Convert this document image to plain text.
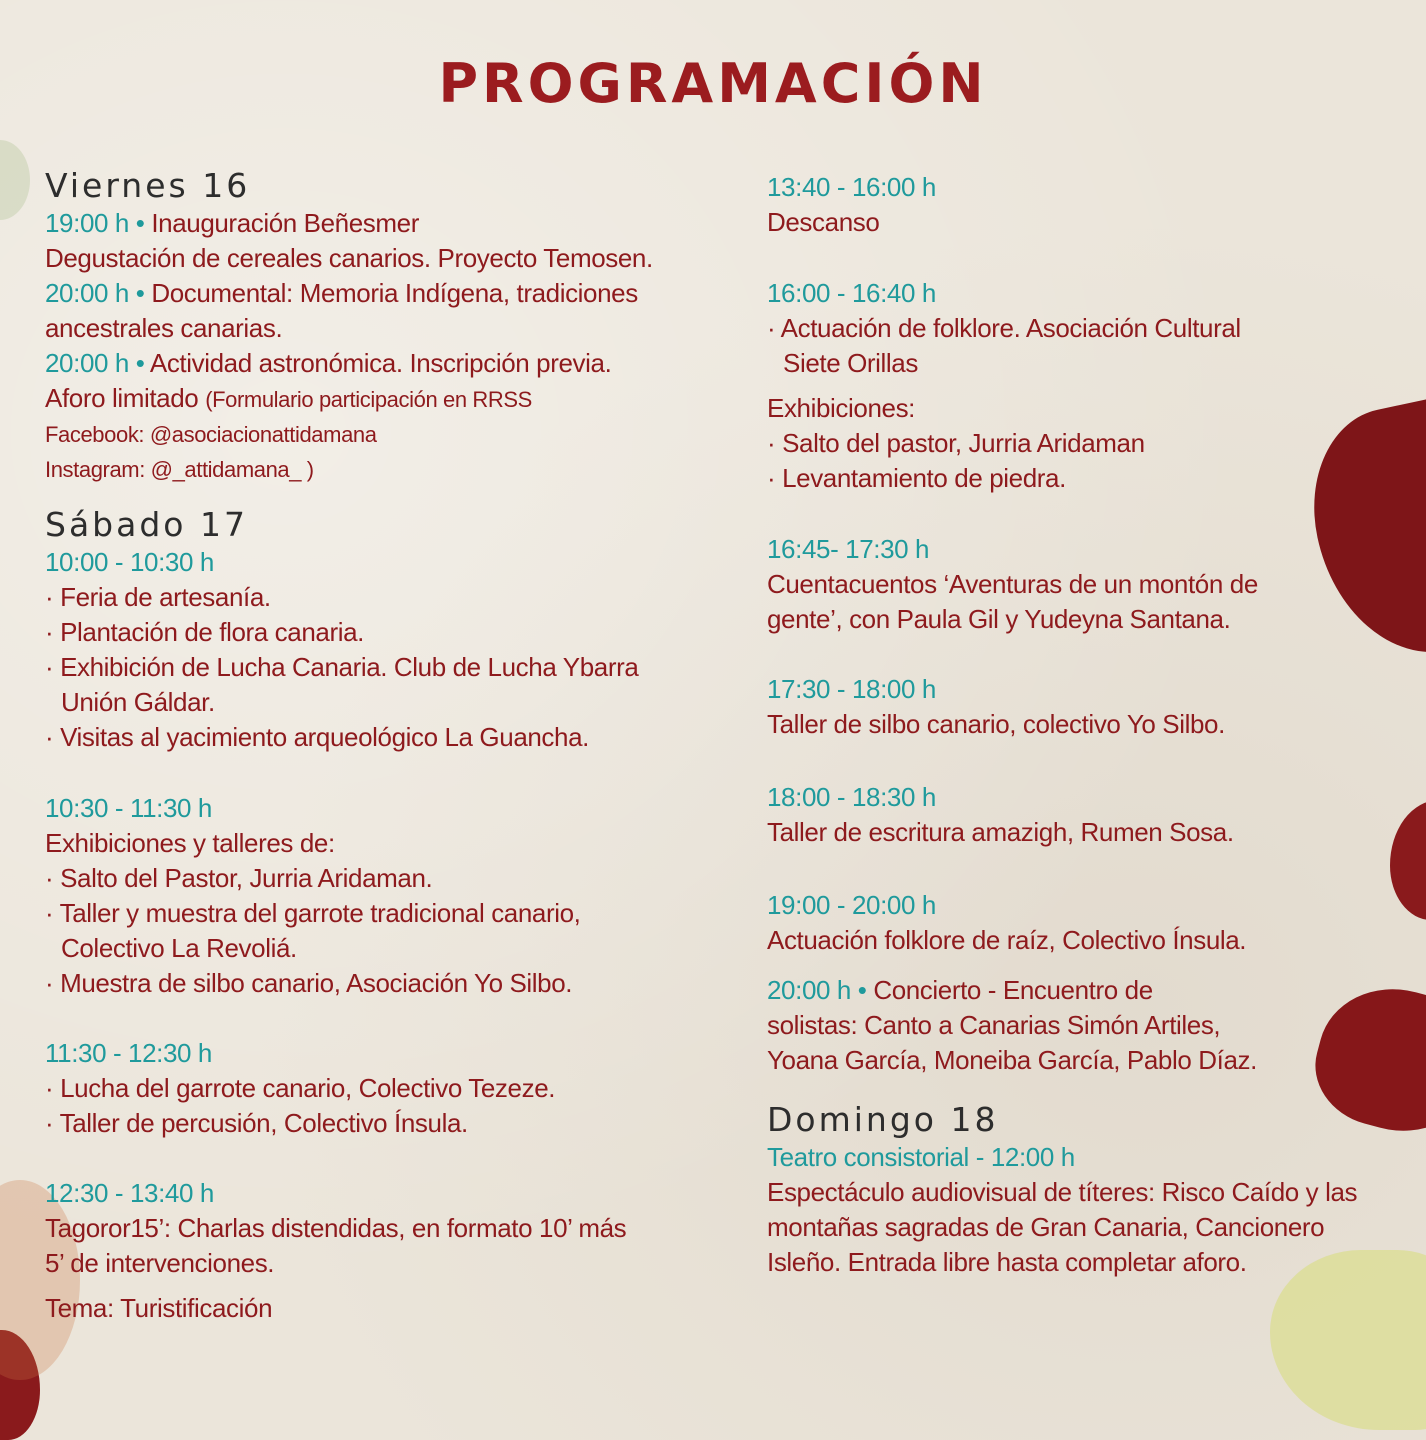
PROGRAMACIÓN
Viernes 16

19:00 h • Inauguración Beñesmer

Degustación de cereales canarios. Proyecto Temosen.

20:00 h • Documental: Memoria Indígena, tradiciones

ancestrales canarias.

20:00 h • Actividad astronómica. Inscripción previa.

Aforo limitado (Formulario participación en RRSS

Facebook: @asociacionattidamana

Instagram: @_attidamana_ )

Sábado 17

10:00 - 10:30 h

· Feria de artesanía.

· Plantación de flora canaria.

· Exhibición de Lucha Canaria. Club de Lucha Ybarra

Unión Gáldar.

· Visitas al yacimiento arqueológico La Guancha.

10:30 - 11:30 h

Exhibiciones y talleres de:

· Salto del Pastor, Jurria Aridaman.

· Taller y muestra del garrote tradicional canario,

Colectivo La Revoliá.

· Muestra de silbo canario, Asociación Yo Silbo.

11:30 - 12:30 h

· Lucha del garrote canario, Colectivo Tezeze.

· Taller de percusión, Colectivo Ínsula.

12:30 - 13:40 h

Tagoror15’: Charlas distendidas, en formato 10’ más

5’ de intervenciones.

Tema: Turistificación

13:40 - 16:00 h

Descanso

16:00 - 16:40 h

· Actuación de folklore. Asociación Cultural

Siete Orillas

Exhibiciones:

· Salto del pastor, Jurria Aridaman

· Levantamiento de piedra.

16:45- 17:30 h

Cuentacuentos ‘Aventuras de un montón de

gente’, con Paula Gil y Yudeyna Santana.

17:30 - 18:00 h

Taller de silbo canario, colectivo Yo Silbo.

18:00 - 18:30 h

Taller de escritura amazigh, Rumen Sosa.

19:00 - 20:00 h

Actuación folklore de raíz, Colectivo Ínsula.

20:00 h • Concierto - Encuentro de

solistas: Canto a Canarias Simón Artiles,

Yoana García, Moneiba García, Pablo Díaz.

Domingo 18

Teatro consistorial - 12:00 h

Espectáculo audiovisual de títeres: Risco Caído y las

montañas sagradas de Gran Canaria, Cancionero

Isleño. Entrada libre hasta completar aforo.
